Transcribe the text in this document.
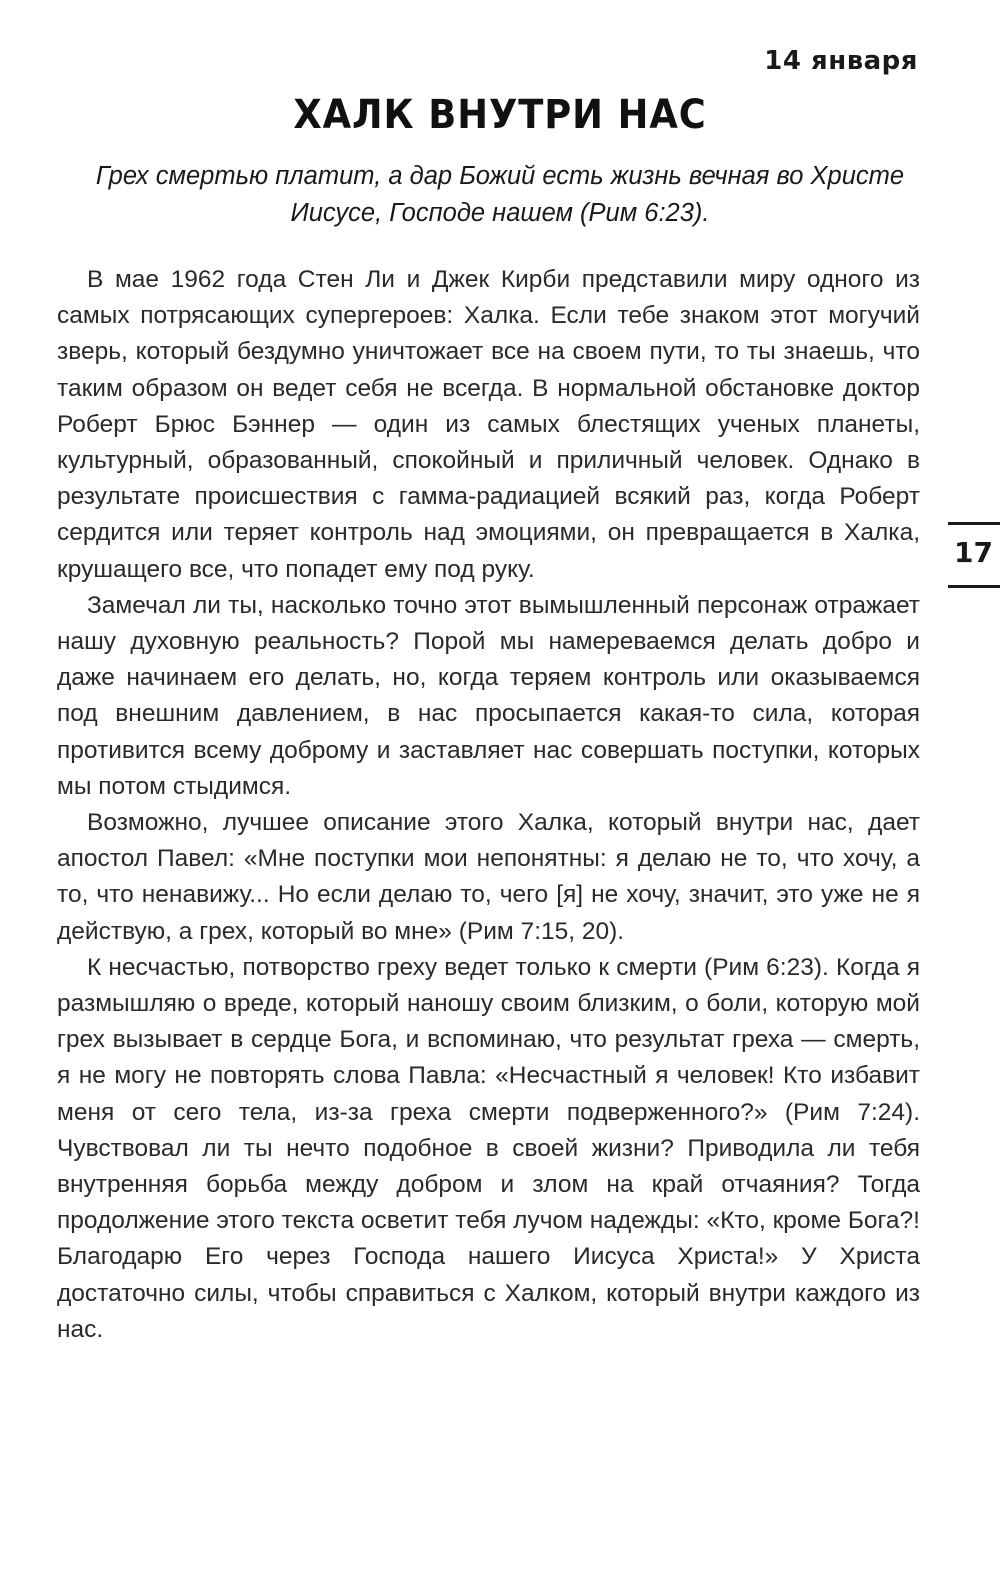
14 января
ХАЛК ВНУТРИ НАС
Грех смертью платит, а дар Божий есть жизнь вечная во Христе Иисусе, Господе нашем (Рим 6:23).

В мае 1962 года Стен Ли и Джек Кирби представили миру одного из самых потрясающих супергероев: Халка. Если тебе знаком этот могучий зверь, который бездумно уничтожает все на своем пути, то ты знаешь, что таким образом он ведет себя не всегда. В нормальной обстановке доктор Роберт Брюс Бэннер — один из самых блестящих ученых планеты, культурный, образованный, спокойный и приличный человек. Однако в результате происшествия с гамма-радиацией всякий раз, когда Роберт сердится или теряет контроль над эмоциями, он превращается в Халка, крушащего все, что попадет ему под руку.

Замечал ли ты, насколько точно этот вымышленный персонаж отражает нашу духовную реальность? Порой мы намереваемся делать добро и даже начинаем его делать, но, когда теряем контроль или оказываемся под внешним давлением, в нас просыпается какая-то сила, которая противится всему доброму и заставляет нас совершать поступки, которых мы потом стыдимся.

Возможно, лучшее описание этого Халка, который внутри нас, дает апостол Павел: «Мне поступки мои непонятны: я делаю не то, что хочу, а то, что ненавижу... Но если делаю то, чего [я] не хочу, значит, это уже не я действую, а грех, который во мне» (Рим 7:15, 20).

К несчастью, потворство греху ведет только к смерти (Рим 6:23). Когда я размышляю о вреде, который наношу своим близким, о боли, которую мой грех вызывает в сердце Бога, и вспоминаю, что результат греха — смерть, я не могу не повторять слова Павла: «Несчастный я человек! Кто избавит меня от сего тела, из-за греха смерти подверженного?» (Рим 7:24). Чувствовал ли ты нечто подобное в своей жизни? Приводила ли тебя внутренняя борьба между добром и злом на край отчаяния? Тогда продолжение этого текста осветит тебя лучом надежды: «Кто, кроме Бога?! Благодарю Его через Господа нашего Иисуса Христа!» У Христа достаточно силы, чтобы справиться с Халком, который внутри каждого из нас.

17
